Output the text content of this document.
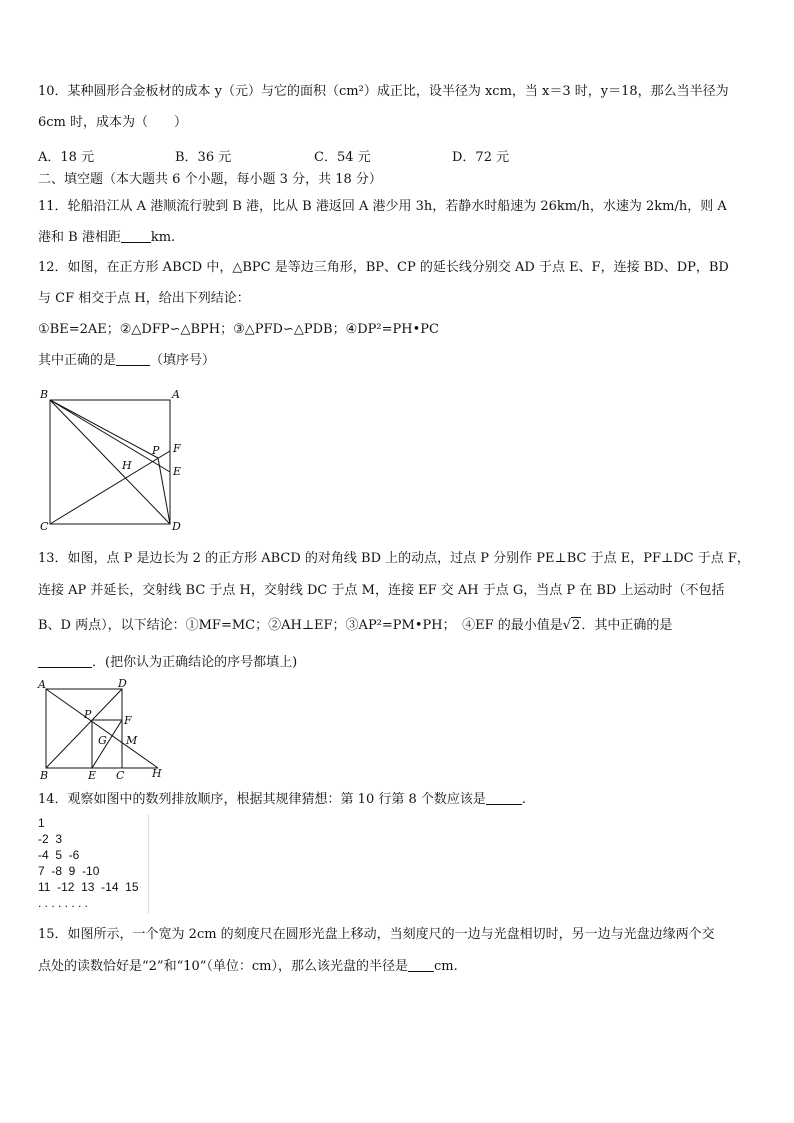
10．某种圆形合金板材的成本 y（元）与它的面积（cm²）成正比，设半径为 xcm，当 x＝3 时，y＝18，那么当半径为
6cm 时，成本为（　　）
A．18 元	B．36 元	C．54 元	D．72 元
二、填空题（本大题共 6 个小题，每小题 3 分，共 18 分）
11．轮船沿江从 A 港顺流行驶到 B 港，比从 B 港返回 A 港少用 3h，若静水时船速为 26km/h，水速为 2km/h，则 A
港和 B 港相距 km.
12．如图，在正方形 ABCD 中，△BPC 是等边三角形，BP、CP 的延长线分别交 AD 于点 E、F，连接 BD、DP，BD
与 CF 相交于点 H，给出下列结论：
①BE=2AE；②△DFP∽△BPH；③△PFD∽△PDB；④DP²=PH•PC
其中正确的是	（填序号）
B	A
C	D
P F
H	E
13．如图，点 P 是边长为 2 的正方形 ABCD 的对角线 BD 上的动点，过点 P 分别作 PE⊥BC 于点 E，PF⊥DC 于点 F，
连接 AP 并延长，交射线 BC 于点 H，交射线 DC 于点 M，连接 EF 交 AH 于点 G，当点 P 在 BD 上运动时（不包括
B、D 两点），以下结论：①MF=MC；②AH⊥EF；③AP²=PM•PH；　④EF 的最小值是√2．其中正确的是
．(把你认为正确结论的序号都填上)
A	D
P	F
G M
B	E C	H
14．观察如图中的数列排放顺序，根据其规律猜想：第 10 行第 8 个数应该是	.
1
-2  3
-4  5  -6
7  -8  9  -10
11  -12  13  -14  15
. . . . . . . .
15．如图所示，一个宽为 2cm 的刻度尺在圆形光盘上移动，当刻度尺的一边与光盘相切时，另一边与光盘边缘两个交
点处的读数恰好是“2”和“10”（单位：cm），那么该光盘的半径是 cm.
